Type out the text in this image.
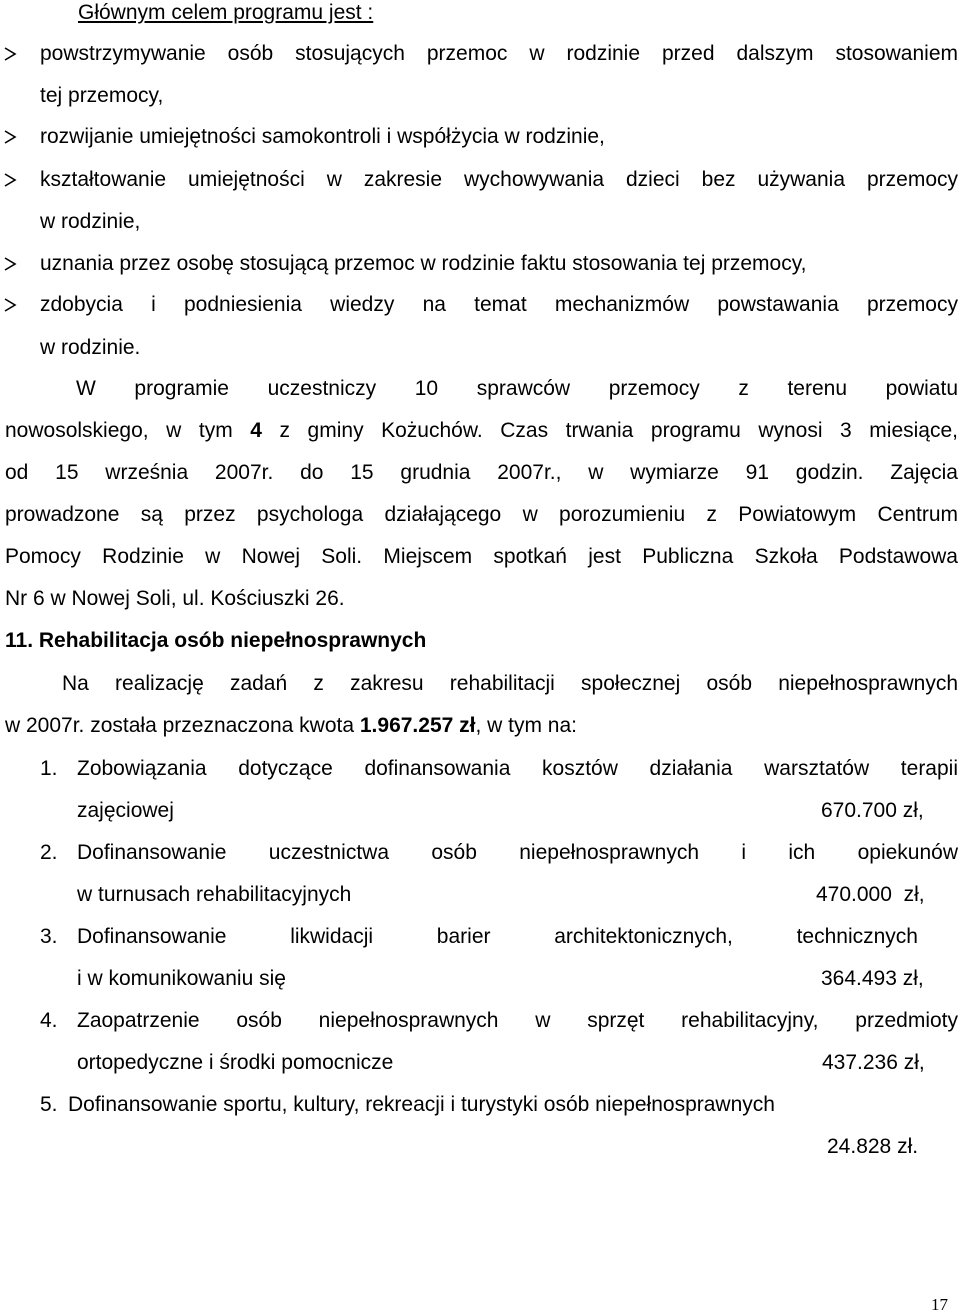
Głównym celem programu jest :
powstrzymywanie osób stosujących przemoc w rodzinie przed dalszym stosowaniem
tej przemocy,
rozwijanie umiejętności samokontroli i współżycia w rodzinie,
kształtowanie umiejętności w zakresie wychowywania dzieci bez używania przemocy
w rodzinie,
uznania przez osobę stosującą przemoc w rodzinie faktu stosowania tej przemocy,
zdobycia i podniesienia wiedzy na temat mechanizmów powstawania przemocy
w rodzinie.
W programie uczestniczy 10 sprawców przemocy z terenu powiatu
nowosolskiego, w tym 4 z gminy Kożuchów. Czas trwania programu wynosi 3 miesiące,
od 15 września 2007r. do 15 grudnia 2007r., w wymiarze 91 godzin. Zajęcia
prowadzone są przez psychologa działającego w porozumieniu z Powiatowym Centrum
Pomocy Rodzinie w Nowej Soli. Miejscem spotkań jest Publiczna Szkoła Podstawowa
Nr 6 w Nowej Soli, ul. Kościuszki 26.
11. Rehabilitacja osób niepełnosprawnych
Na realizację zadań z zakresu rehabilitacji społecznej osób niepełnosprawnych
w 2007r. została przeznaczona kwota 1.967.257 zł, w tym na:
1. Zobowiązania dotyczące dofinansowania kosztów działania warsztatów terapii
zajęciowej	670.700 zł,
2. Dofinansowanie uczestnictwa osób niepełnosprawnych i ich opiekunów
w turnusach rehabilitacyjnych	470.000  zł,
3. Dofinansowanie likwidacji barier architektonicznych, technicznych
i w komunikowaniu się	364.493 zł,
4. Zaopatrzenie osób niepełnosprawnych w sprzęt rehabilitacyjny, przedmioty
ortopedyczne i środki pomocnicze	437.236 zł,
5. Dofinansowanie sportu, kultury, rekreacji i turystyki osób niepełnosprawnych
24.828 zł.
17
